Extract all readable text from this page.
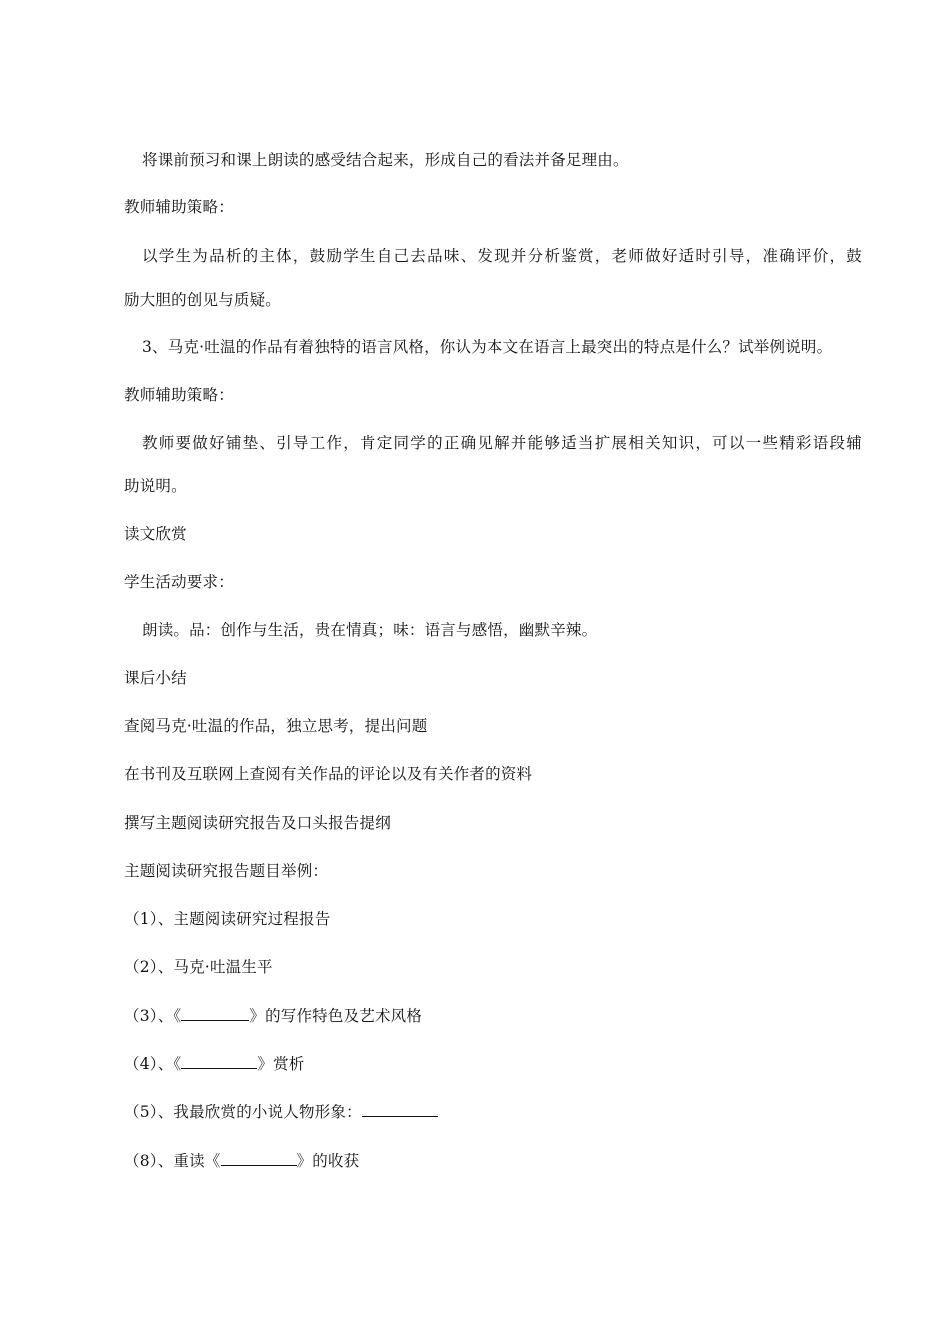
将课前预习和课上朗读的感受结合起来，形成自己的看法并备足理由。
教师辅助策略：
以学生为品析的主体，鼓励学生自己去品味、发现并分析鉴赏，老师做好适时引导，准确评价，鼓
励大胆的创见与质疑。
3、马克·吐温的作品有着独特的语言风格，你认为本文在语言上最突出的特点是什么？试举例说明。
教师辅助策略：
教师要做好铺垫、引导工作，肯定同学的正确见解并能够适当扩展相关知识，可以一些精彩语段辅
助说明。
读文欣赏
学生活动要求：
朗读。品：创作与生活，贵在情真；味：语言与感悟，幽默辛辣。
课后小结
查阅马克·吐温的作品，独立思考，提出问题
在书刊及互联网上查阅有关作品的评论以及有关作者的资料
撰写主题阅读研究报告及口头报告提纲
主题阅读研究报告题目举例：
（1）、主题阅读研究过程报告
（2）、马克·吐温生平
（3）、《	》的写作特色及艺术风格
（4）、《	》赏析
（5）、我最欣赏的小说人物形象：
（8）、重读《	》的收获
